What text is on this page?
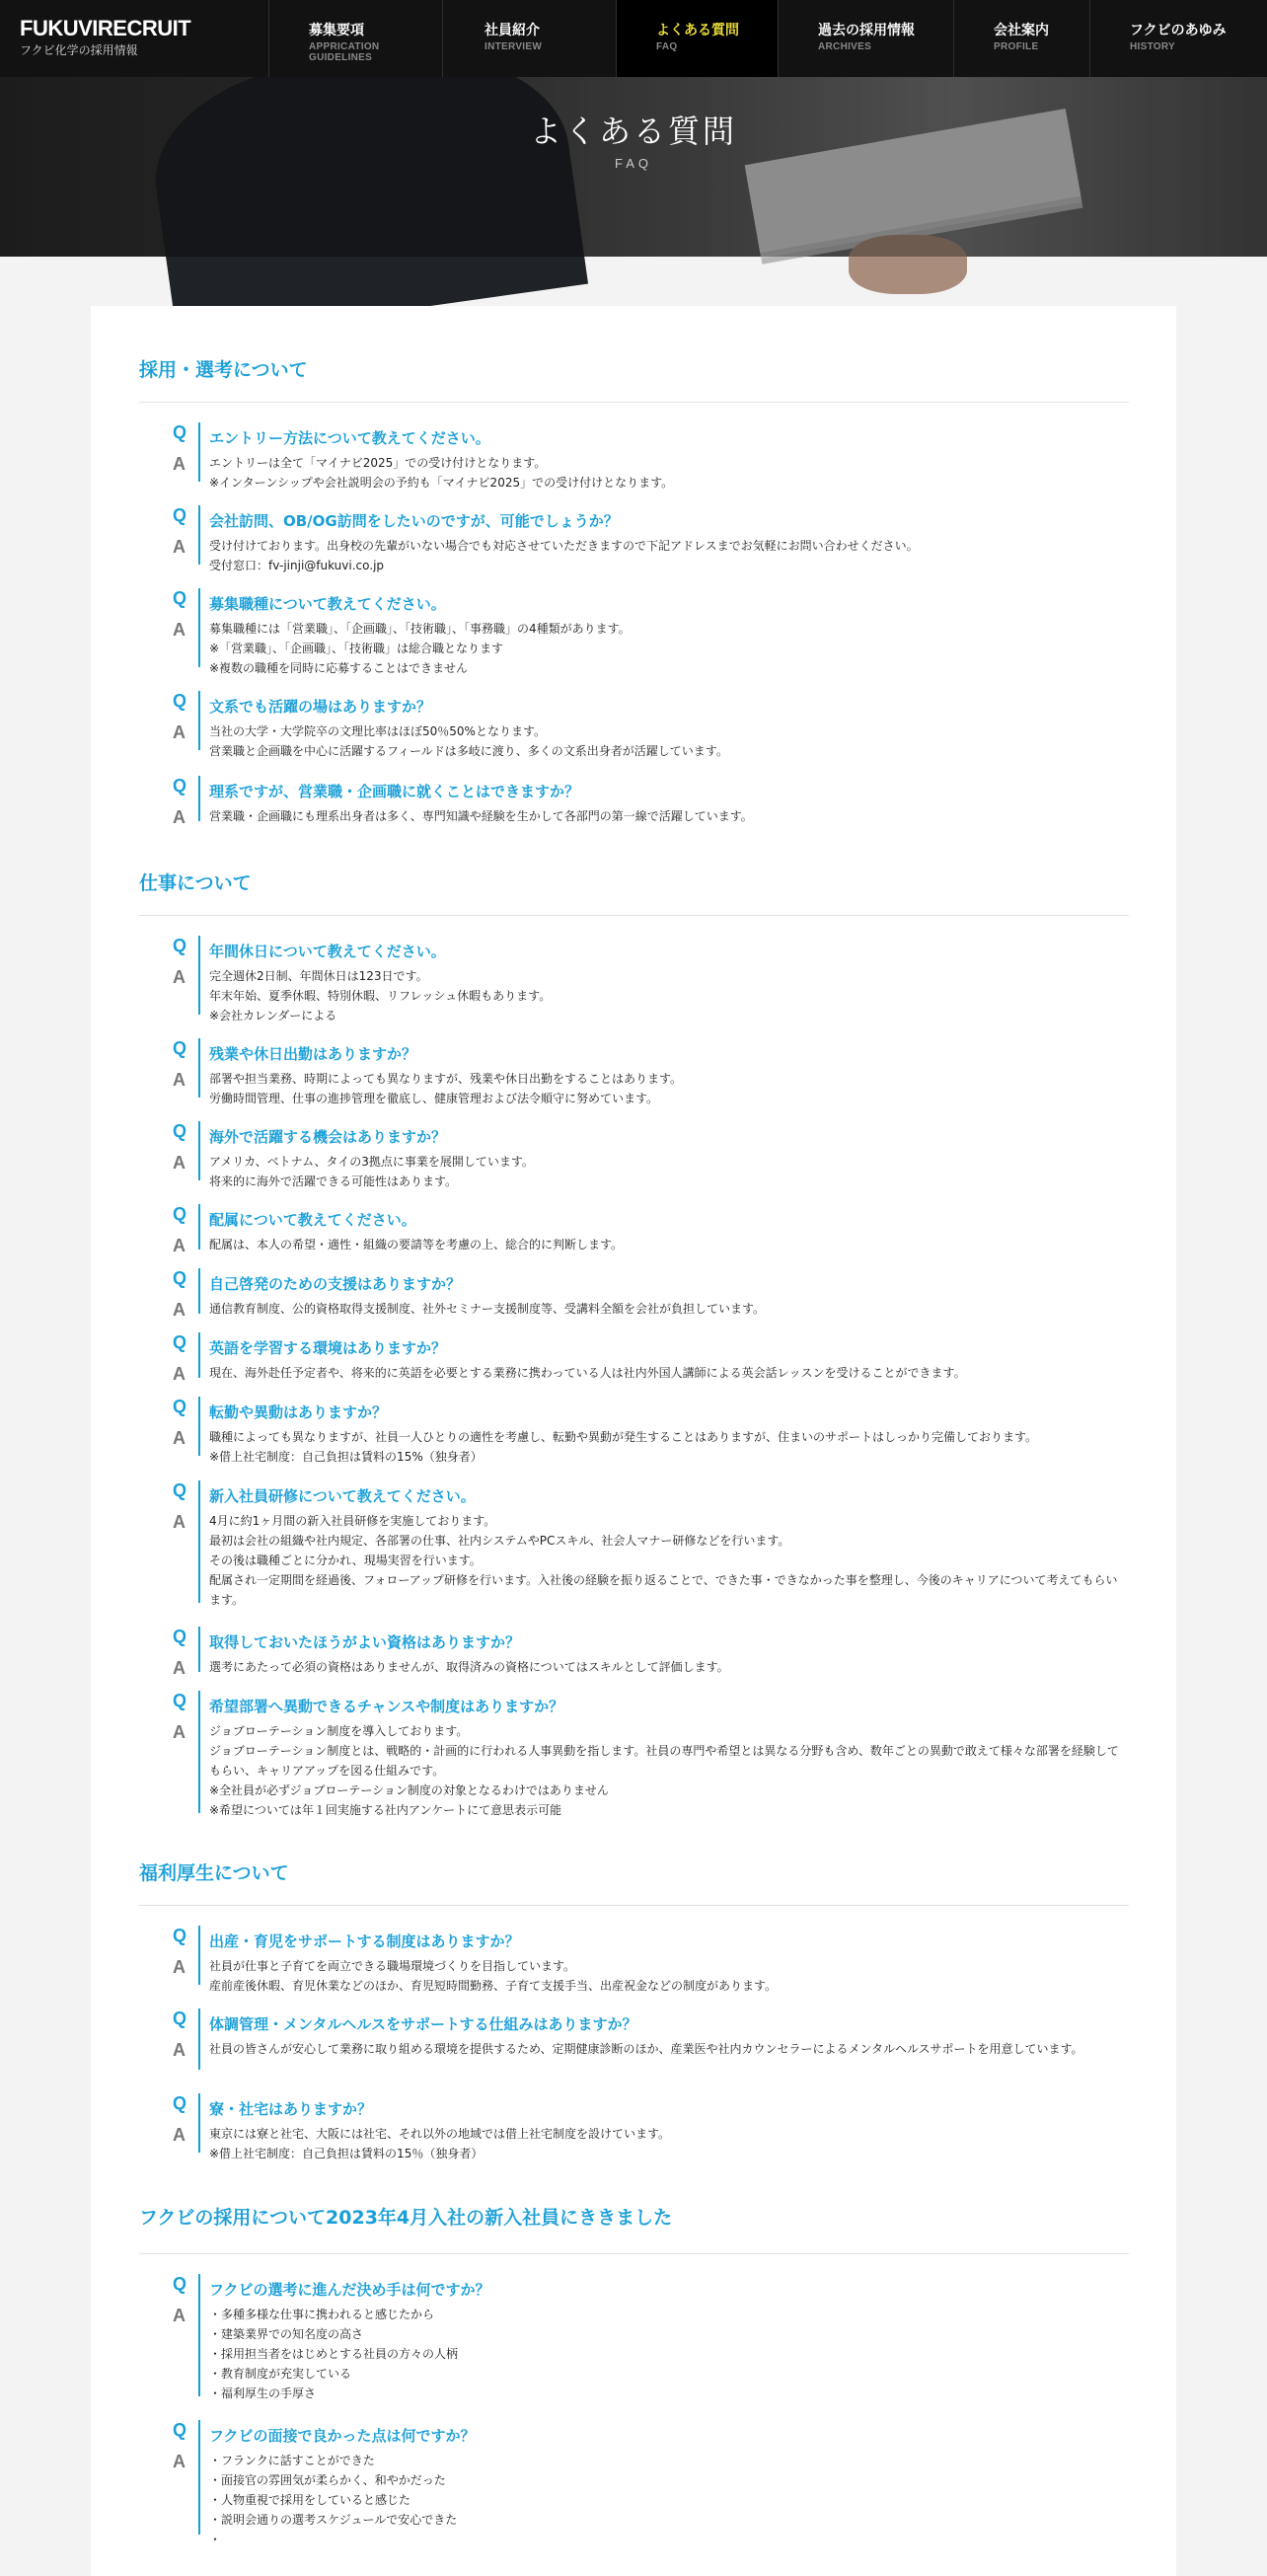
FUKUVIRECRUIT
フクビ化学の採用情報
募集要項
APPRICATION GUIDELINES
社員紹介
INTERVIEW
よくある質問
FAQ
過去の採用情報
ARCHIVES
会社案内
PROFILE
フクビのあゆみ
HISTORY
よくある質問
FAQ
採用・選考について
Q
A
エントリー方法について教えてください。
エントリーは全て「マイナビ2025」での受け付けとなります。
※インターンシップや会社説明会の予約も「マイナビ2025」での受け付けとなります。
Q
A
会社訪問、OB/OG訪問をしたいのですが、可能でしょうか？
受け付けております。出身校の先輩がいない場合でも対応させていただきますので下記アドレスまでお気軽にお問い合わせください。
受付窓口：fv-jinji@fukuvi.co.jp
Q
A
募集職種について教えてください。
募集職種には「営業職」、「企画職」、「技術職」、「事務職」の4種類があります。
※「営業職」、「企画職」、「技術職」は総合職となります
※複数の職種を同時に応募することはできません
Q
A
文系でも活躍の場はありますか？
当社の大学・大学院卒の文理比率はほぼ50％50%となります。
営業職と企画職を中心に活躍するフィールドは多岐に渡り、多くの文系出身者が活躍しています。
Q
A
理系ですが、営業職・企画職に就くことはできますか？
営業職・企画職にも理系出身者は多く、専門知識や経験を生かして各部門の第一線で活躍しています。
仕事について
Q
A
年間休日について教えてください。
完全週休2日制、年間休日は123日です。
年末年始、夏季休暇、特別休暇、リフレッシュ休暇もあります。
※会社カレンダーによる
Q
A
残業や休日出勤はありますか？
部署や担当業務、時期によっても異なりますが、残業や休日出勤をすることはあります。
労働時間管理、仕事の進捗管理を徹底し、健康管理および法令順守に努めています。
Q
A
海外で活躍する機会はありますか？
アメリカ、ベトナム、タイの3拠点に事業を展開しています。
将来的に海外で活躍できる可能性はあります。
Q
A
配属について教えてください。
配属は、本人の希望・適性・組織の要請等を考慮の上、総合的に判断します。
Q
A
自己啓発のための支援はありますか？
通信教育制度、公的資格取得支援制度、社外セミナー支援制度等、受講料全額を会社が負担しています。
Q
A
英語を学習する環境はありますか？
現在、海外赴任予定者や、将来的に英語を必要とする業務に携わっている人は社内外国人講師による英会話レッスンを受けることができます。
Q
A
転勤や異動はありますか？
職種によっても異なりますが、社員一人ひとりの適性を考慮し、転勤や異動が発生することはありますが、住まいのサポートはしっかり完備しております。
※借上社宅制度：自己負担は賃料の15%（独身者）
Q
A
新入社員研修について教えてください。
4月に約1ヶ月間の新入社員研修を実施しております。
最初は会社の組織や社内規定、各部署の仕事、社内システムやPCスキル、社会人マナー研修などを行います。
その後は職種ごとに分かれ、現場実習を行います。
配属され一定期間を経過後、フォローアップ研修を行います。入社後の経験を振り返ることで、できた事・できなかった事を整理し、今後のキャリアについて考えてもらいます。
Q
A
取得しておいたほうがよい資格はありますか？
選考にあたって必須の資格はありませんが、取得済みの資格についてはスキルとして評価します。
Q
A
希望部署へ異動できるチャンスや制度はありますか？
ジョブローテーション制度を導入しております。
ジョブローテーション制度とは、戦略的・計画的に行われる人事異動を指します。社員の専門や希望とは異なる分野も含め、数年ごとの異動で敢えて様々な部署を経験してもらい、キャリアアップを図る仕組みです。
※全社員が必ずジョブローテーション制度の対象となるわけではありません
※希望については年１回実施する社内アンケートにて意思表示可能
福利厚生について
Q
A
出産・育児をサポートする制度はありますか？
社員が仕事と子育てを両立できる職場環境づくりを目指しています。
産前産後休暇、育児休業などのほか、育児短時間勤務、子育て支援手当、出産祝金などの制度があります。
Q
A
体調管理・メンタルヘルスをサポートする仕組みはありますか？
社員の皆さんが安心して業務に取り組める環境を提供するため、定期健康診断のほか、産業医や社内カウンセラーによるメンタルヘルスサポートを用意しています。
Q
A
寮・社宅はありますか？
東京には寮と社宅、大阪には社宅、それ以外の地域では借上社宅制度を設けています。
※借上社宅制度：自己負担は賃料の15％（独身者）
フクビの採用について2023年4月入社の新入社員にききました
Q
A
フクビの選考に進んだ決め手は何ですか？
・多種多様な仕事に携われると感じたから
・建築業界での知名度の高さ
・採用担当者をはじめとする社員の方々の人柄
・教育制度が充実している
・福利厚生の手厚さ
Q
A
フクビの面接で良かった点は何ですか？
・フランクに話すことができた
・面接官の雰囲気が柔らかく、和やかだった
・人物重視で採用をしていると感じた
・説明会通りの選考スケジュールで安心できた
・
